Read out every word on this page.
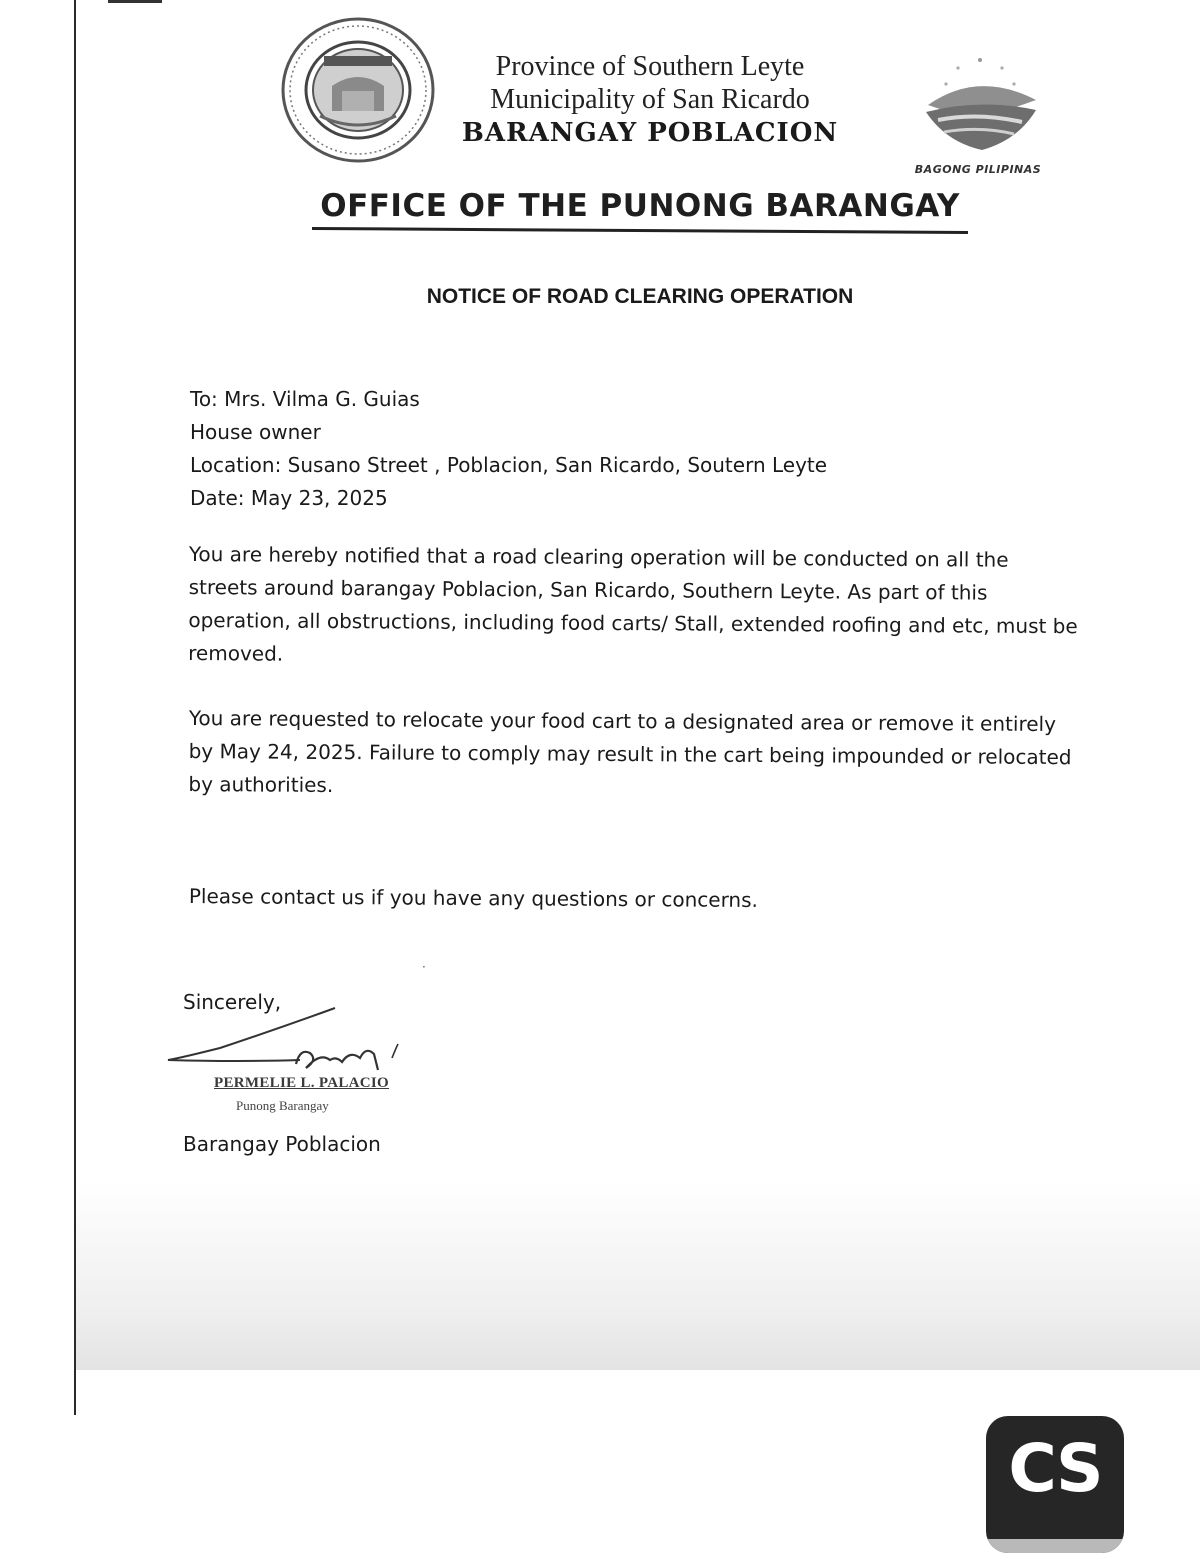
Province of Southern Leyte
Municipality of San Ricardo
BARANGAY POBLACION
BAGONG PILIPINAS
OFFICE OF THE PUNONG BARANGAY
NOTICE OF ROAD CLEARING OPERATION
To: Mrs. Vilma G. Guias
House owner
Location: Susano Street , Poblacion, San Ricardo, Soutern Leyte
Date: May 23, 2025
You are hereby notified that a road clearing operation will be conducted on all the streets around barangay Poblacion, San Ricardo, Southern Leyte. As part of this operation, all obstructions, including food carts/ Stall, extended roofing and etc, must be removed.
You are requested to relocate your food cart to a designated area or remove it entirely by May 24, 2025. Failure to comply may result in the cart being impounded or relocated by authorities.
Please contact us if you have any questions or concerns.
·
Sincerely,
PERMELIE L. PALACIO
Punong Barangay
Barangay Poblacion
CS
